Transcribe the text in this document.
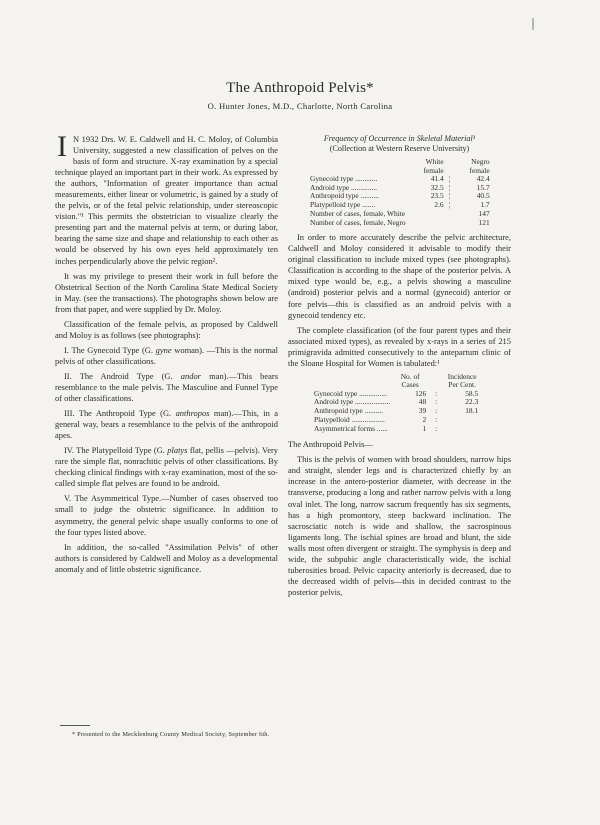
The Anthropoid Pelvis*
O. Hunter Jones, M.D., Charlotte, North Carolina

I N 1932 Drs. W. E. Caldwell and H. C. Moloy, of Columbia University, suggested a new classification of pelves on the basis of form and structure. X-ray examination by a special technique played an important part in their work. As expressed by the authors, "Information of greater importance than actual measurements, either linear or volumetric, is gained by a study of the pelvis, or of the fetal pelvic relationship, under stereoscopic vision."¹ This permits the obstetrician to visualize clearly the presenting part and the maternal pelvis at term, or during labor, bearing the same size and shape and relationship to each other as would be observed by his own eyes held approximately ten inches perpendicularly above the pelvic region².

It was my privilege to present their work in full before the Obstetrical Section of the North Carolina State Medical Society in May. (see the transactions). The photographs shown below are from that paper, and were supplied by Dr. Moloy.

Classification of the female pelvis, as proposed by Caldwell and Moloy is as follows (see photographs):

I. The Gynecoid Type (G. gyne woman). —This is the normal pelvis of other classifications.

II. The Android Type (G. andor man).—This bears resemblance to the male pelvis. The Masculine and Funnel Type of other classifications.

III. The Anthropoid Type (G. anthropos man).—This, in a general way, bears a resemblance to the pelvis of the anthropoid apes.

IV. The Platypelloid Type (G. platys flat, pellis —pelvis). Very rare the simple flat, nonrachitic pelvis of other classifications. By checking clinical findings with x-ray examination, most of the so-called simple flat pelves are found to be android.

V. The Asymmetrical Type.—Number of cases observed too small to judge the obstetric significance. In addition to asymmetry, the general pelvic shape usually conforms to one of the four types listed above.

In addition, the so-called "Assimilation Pelvis" of other authors is considered by Caldwell and Moloy as a developmental anomaly and of little obstetric significance.

Frequency of Occurrence in Skeletal Material¹
(Collection at Western Reserve University)
	White
female		Negro
female
Gynecoid type ............	41.4	¦	42.4
Android type ..............	32.5	¦	15.7
Anthropoid type ..........	23.5	¦	40.5
Platypelloid type .......	2.6	¦	1.7
Number of cases, female, White			147
Number of cases, female, Negro			121

In order to more accurately describe the pelvic architecture, Caldwell and Moloy considered it advisable to modify their original classification to include mixed types (see photographs). Classification is according to the shape of the posterior pelvis. A mixed type would be, e.g., a pelvis showing a masculine (android) posterior pelvis and a normal (gynecoid) anterior or fore pelvis—this is classified as an android pelvis with a gynecoid tendency etc.

The complete classification (of the four parent types and their associated mixed types), as revealed by x-rays in a series of 215 primigravida admitted consecutively to the antepartum clinic of the Sloane Hospital for Women is tabulated:¹

	No. of
Cases		Incidence
Per Cent.
Gynecoid type ...............	126	:	58.5
Android type ...................	48	:	22.3
Anthropoid type ..........	39	:	18.1
Platypelloid ..................	2	:	
Asymmetrical forms ......	1	:	

The Anthropoid Pelvis—

This is the pelvis of women with broad shoulders, narrow hips and straight, slender legs and is characterized chiefly by an increase in the antero-posterior diameter, with decrease in the transverse, producing a long and rather narrow pelvis with a long oval inlet. The long, narrow sacrum frequently has six segments, has a high promontory, steep backward inclination. The sacrosciatic notch is wide and shallow, the sacrospinous ligaments long. The ischial spines are broad and blunt, the side walls most often divergent or straight. The symphysis is deep and wide, the subpubic angle characteristically wide, the ischial tuberosities broad. Pelvic capacity anteriorly is decreased, due to the decreased width of pelvis—this in decided contrast to the posterior pelvis,

* Presented to the Mecklenburg County Medical Society, September 6th.
